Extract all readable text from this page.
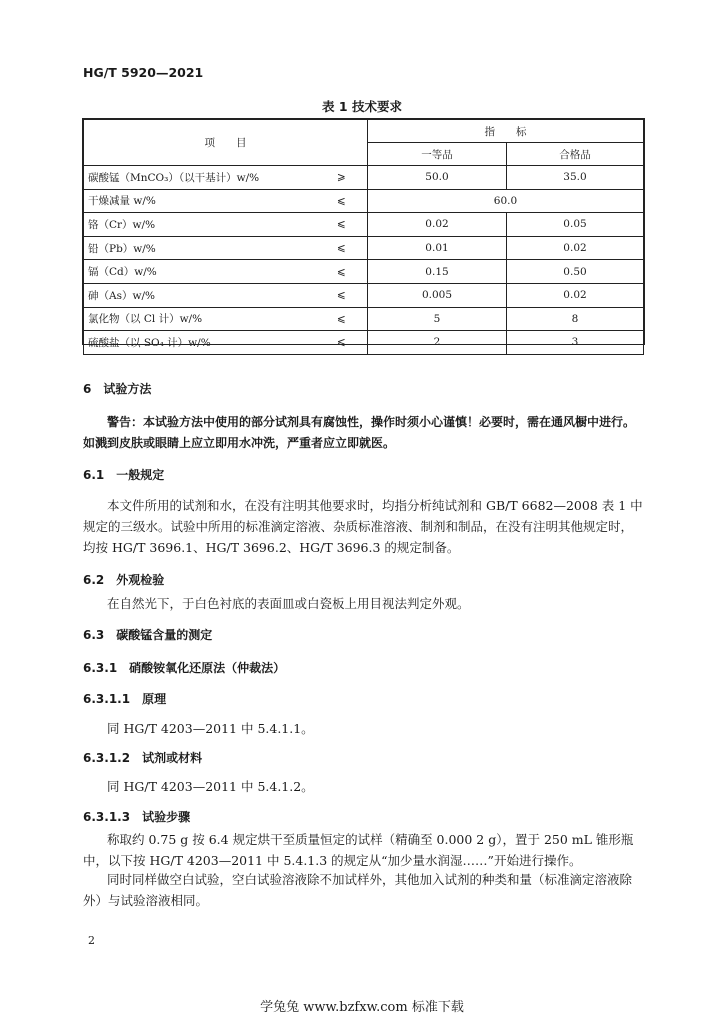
HG/T 5920—2021
表 1 技术要求
项　　目		指　　标	
		一等品	合格品
碳酸锰（MnCO₃）（以干基计）w/%	⩾	50.0	35.0
干燥减量 w/%	⩽	60.0	
铬（Cr）w/%	⩽	0.02	0.05
铅（Pb）w/%	⩽	0.01	0.02
镉（Cd）w/%	⩽	0.15	0.50
砷（As）w/%	⩽	0.005	0.02
氯化物（以 Cl 计）w/%	⩽	5	8
硫酸盐（以 SO₄ 计）w/%	⩽	2	3
6　试验方法
警告：本试验方法中使用的部分试剂具有腐蚀性，操作时须小心谨慎！必要时，需在通风橱中进行。如溅到皮肤或眼睛上应立即用水冲洗，严重者应立即就医。
6.1　一般规定
本文件所用的试剂和水，在没有注明其他要求时，均指分析纯试剂和 GB/T 6682—2008 表 1 中规定的三级水。试验中所用的标准滴定溶液、杂质标准溶液、制剂和制品，在没有注明其他规定时，均按 HG/T 3696.1、HG/T 3696.2、HG/T 3696.3 的规定制备。
6.2　外观检验
在自然光下，于白色衬底的表面皿或白瓷板上用目视法判定外观。
6.3　碳酸锰含量的测定
6.3.1　硝酸铵氧化还原法（仲裁法）
6.3.1.1　原理
同 HG/T 4203—2011 中 5.4.1.1。
6.3.1.2　试剂或材料
同 HG/T 4203—2011 中 5.4.1.2。
6.3.1.3　试验步骤
称取约 0.75 g 按 6.4 规定烘干至质量恒定的试样（精确至 0.000 2 g），置于 250 mL 锥形瓶中，以下按 HG/T 4203—2011 中 5.4.1.3 的规定从“加少量水润湿……”开始进行操作。
同时同样做空白试验，空白试验溶液除不加试样外，其他加入试剂的种类和量（标准滴定溶液除外）与试验溶液相同。
2
学兔兔 www.bzfxw.com 标准下载
